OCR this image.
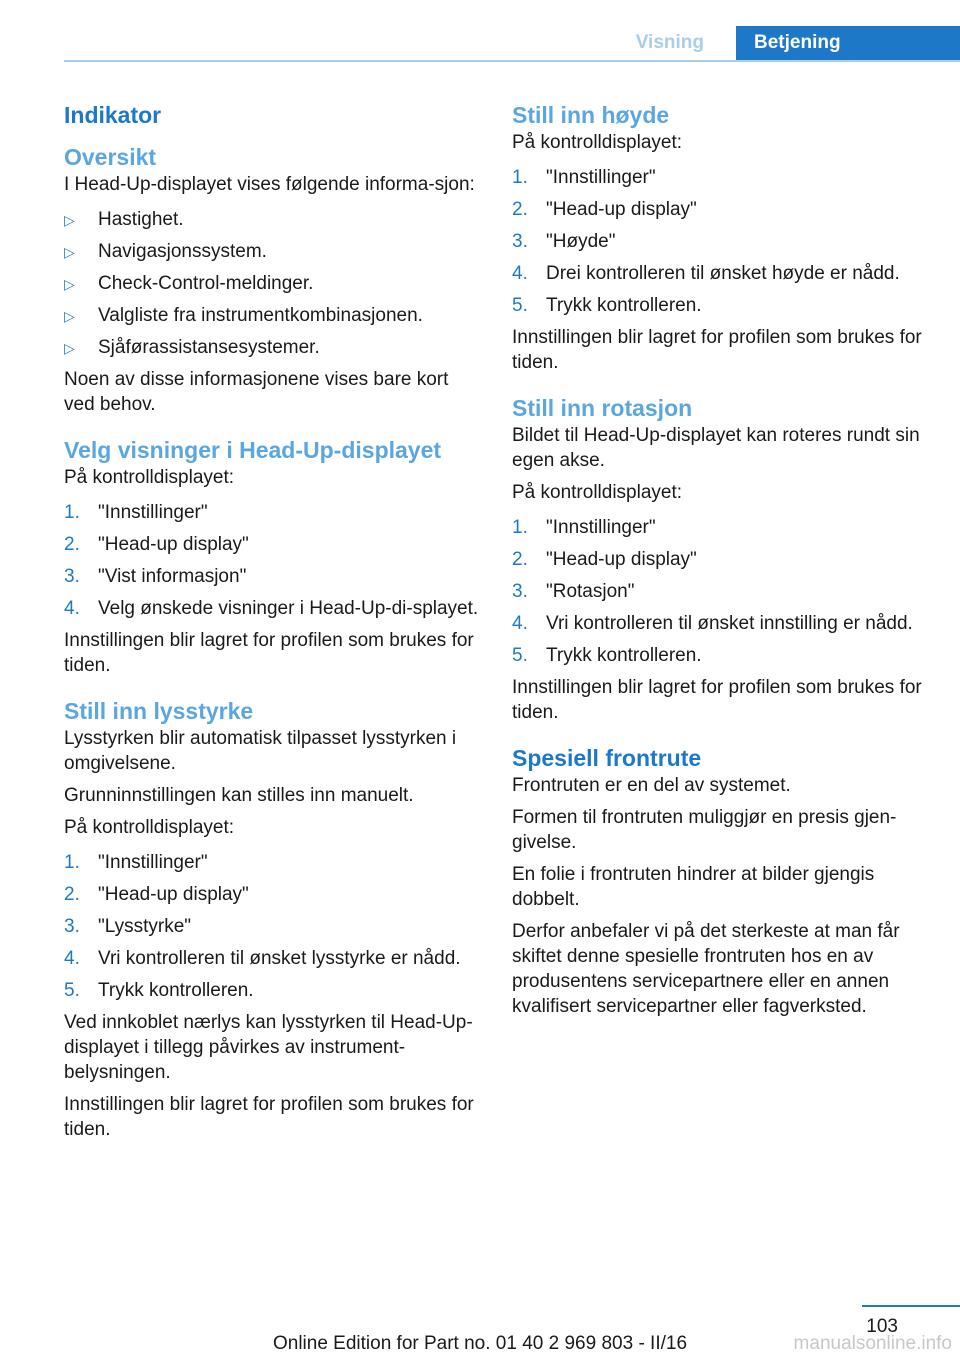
Visning	Betjening
Indikator
Oversikt

I Head-Up-displayet vises følgende informa-sjon:

▷ Hastighet.
▷ Navigasjonssystem.
▷ Check-Control-meldinger.
▷ Valgliste fra instrumentkombinasjonen.
▷ Sjåførassistansesystemer.

Noen av disse informasjonene vises bare kort ved behov.

Velg visninger i Head-Up-displayet

På kontrolldisplayet:

1. "Innstillinger"
2. "Head-up display"
3. "Vist informasjon"
4. Velg ønskede visninger i Head-Up-di-splayet.

Innstillingen blir lagret for profilen som brukes for tiden.

Still inn lysstyrke

Lysstyrken blir automatisk tilpasset lysstyrken i omgivelsene.

Grunninnstillingen kan stilles inn manuelt.

På kontrolldisplayet:

1. "Innstillinger"
2. "Head-up display"
3. "Lysstyrke"
4. Vri kontrolleren til ønsket lysstyrke er nådd.
5. Trykk kontrolleren.

Ved innkoblet nærlys kan lysstyrken til Head-Up-displayet i tillegg påvirkes av instrument-belysningen.

Innstillingen blir lagret for profilen som brukes for tiden.

Still inn høyde

På kontrolldisplayet:

1. "Innstillinger"
2. "Head-up display"
3. "Høyde"
4. Drei kontrolleren til ønsket høyde er nådd.
5. Trykk kontrolleren.

Innstillingen blir lagret for profilen som brukes for tiden.

Still inn rotasjon

Bildet til Head-Up-displayet kan roteres rundt sin egen akse.

På kontrolldisplayet:

1. "Innstillinger"
2. "Head-up display"
3. "Rotasjon"
4. Vri kontrolleren til ønsket innstilling er nådd.
5. Trykk kontrolleren.

Innstillingen blir lagret for profilen som brukes for tiden.

Spesiell frontrute

Frontruten er en del av systemet.

Formen til frontruten muliggjør en presis gjen-givelse.

En folie i frontruten hindrer at bilder gjengis dobbelt.

Derfor anbefaler vi på det sterkeste at man får skiftet denne spesielle frontruten hos en av produsentens servicepartnere eller en annen kvalifisert servicepartner eller fagverksted.

103
Online Edition for Part no. 01 40 2 969 803 - II/16	manualsonline.info
